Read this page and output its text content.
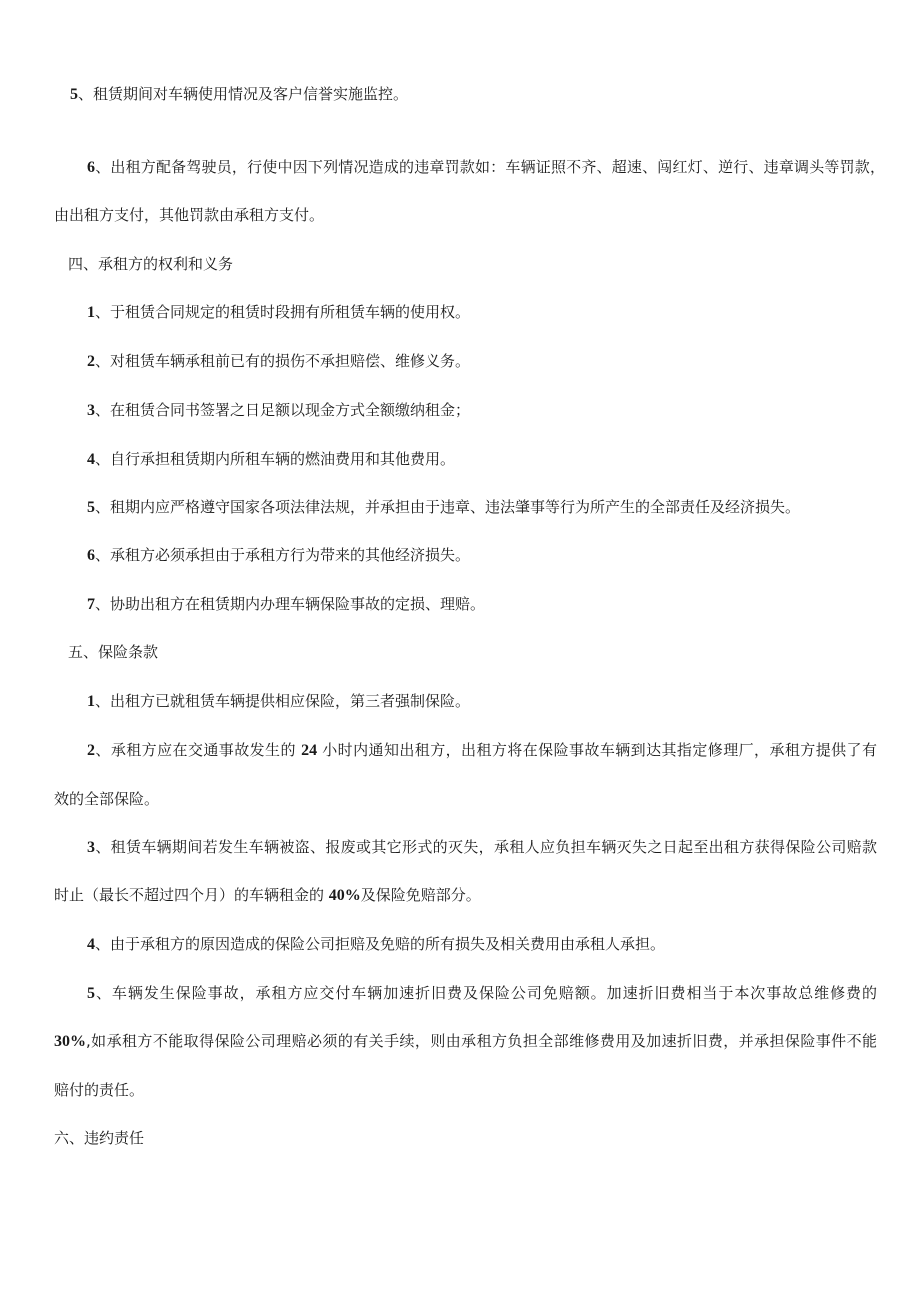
5、租赁期间对车辆使用情况及客户信誉实施监控。
6、出租方配备驾驶员，行使中因下列情况造成的违章罚款如：车辆证照不齐、超速、闯红灯、逆行、违章调头等罚款，
由出租方支付，其他罚款由承租方支付。
四、承租方的权利和义务
1、于租赁合同规定的租赁时段拥有所租赁车辆的使用权。
2、对租赁车辆承租前已有的损伤不承担赔偿、维修义务。
3、在租赁合同书签署之日足额以现金方式全额缴纳租金；
4、自行承担租赁期内所租车辆的燃油费用和其他费用。
5、租期内应严格遵守国家各项法律法规，并承担由于违章、违法肇事等行为所产生的全部责任及经济损失。
6、承租方必须承担由于承租方行为带来的其他经济损失。
7、协助出租方在租赁期内办理车辆保险事故的定损、理赔。
五、保险条款
1、出租方已就租赁车辆提供相应保险，第三者强制保险。
2、承租方应在交通事故发生的 24 小时内通知出租方，出租方将在保险事故车辆到达其指定修理厂，承租方提供了有
效的全部保险。
3、租赁车辆期间若发生车辆被盗、报废或其它形式的灭失，承租人应负担车辆灭失之日起至出租方获得保险公司赔款
时止（最长不超过四个月）的车辆租金的 40%及保险免赔部分。
4、由于承租方的原因造成的保险公司拒赔及免赔的所有损失及相关费用由承租人承担。
5、车辆发生保险事故，承租方应交付车辆加速折旧费及保险公司免赔额。加速折旧费相当于本次事故总维修费的
30%,如承租方不能取得保险公司理赔必须的有关手续，则由承租方负担全部维修费用及加速折旧费，并承担保险事件不能
赔付的责任。
六、违约责任
